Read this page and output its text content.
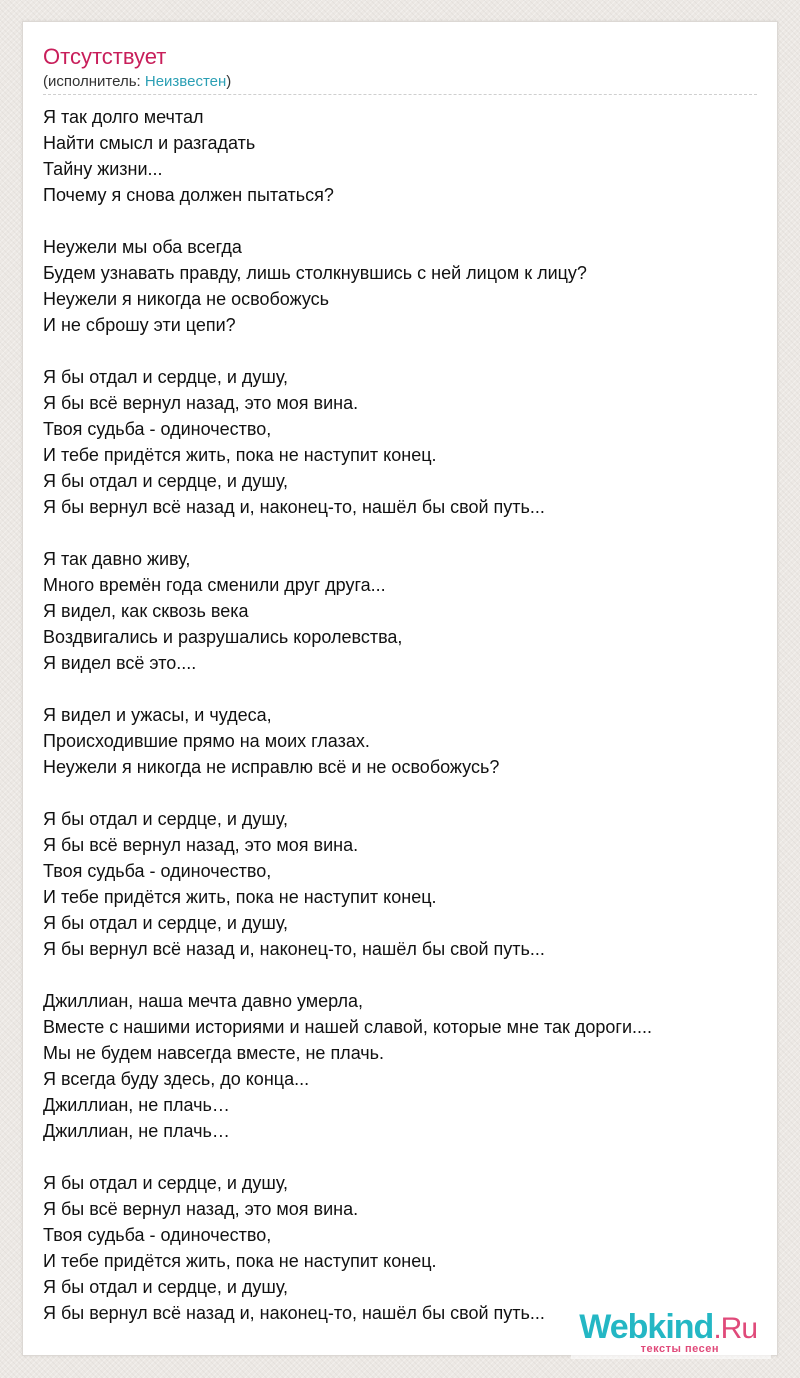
Отсутствует
(исполнитель: Неизвестен)
Я так долго мечтал
Найти смысл и разгадать
Тайну жизни...
Почему я снова должен пытаться?
Неужели мы оба всегда
Будем узнавать правду, лишь столкнувшись с ней лицом к лицу?
Неужели я никогда не освобожусь
И не сброшу эти цепи?
Я бы отдал и сердце, и душу,
Я бы всё вернул назад, это моя вина.
Твоя судьба - одиночество,
И тебе придётся жить, пока не наступит конец.
Я бы отдал и сердце, и душу,
Я бы вернул всё назад и, наконец-то, нашёл бы свой путь...
Я так давно живу,
Много времён года сменили друг друга...
Я видел, как сквозь века
Воздвигались и разрушались королевства,
Я видел всё это....
Я видел и ужасы, и чудеса,
Происходившие прямо на моих глазах.
Неужели я никогда не исправлю всё и не освобожусь?
Я бы отдал и сердце, и душу,
Я бы всё вернул назад, это моя вина.
Твоя судьба - одиночество,
И тебе придётся жить, пока не наступит конец.
Я бы отдал и сердце, и душу,
Я бы вернул всё назад и, наконец-то, нашёл бы свой путь...
Джиллиан, наша мечта давно умерла,
Вместе с нашими историями и нашей славой, которые мне так дороги....
Мы не будем навсегда вместе, не плачь.
Я всегда буду здесь, до конца...
Джиллиан, не плачь…
Джиллиан, не плачь…
Я бы отдал и сердце, и душу,
Я бы всё вернул назад, это моя вина.
Твоя судьба - одиночество,
И тебе придётся жить, пока не наступит конец.
Я бы отдал и сердце, и душу,
Я бы вернул всё назад и, наконец-то, нашёл бы свой путь...	Webkind.Ru
тексты песен
